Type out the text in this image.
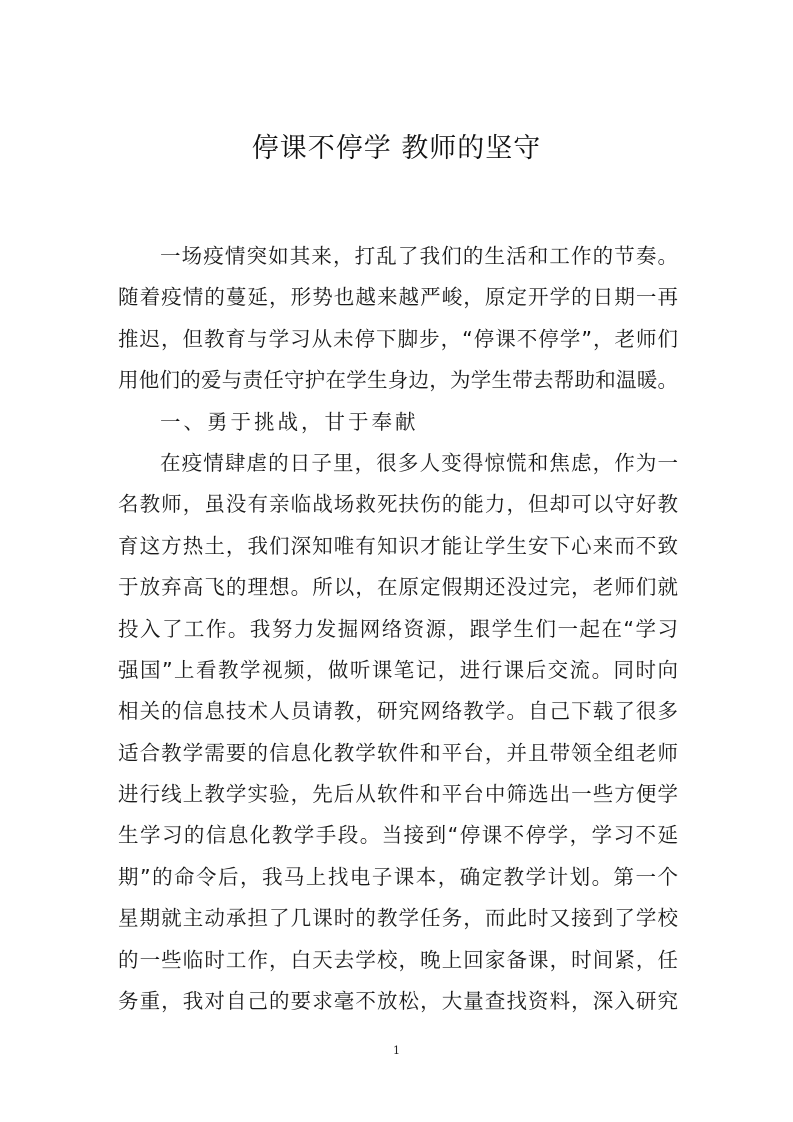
停课不停学 教师的坚守
一场疫情突如其来，打乱了我们的生活和工作的节奏。
随着疫情的蔓延，形势也越来越严峻，原定开学的日期一再
推迟，但教育与学习从未停下脚步，“停课不停学”，老师们
用他们的爱与责任守护在学生身边，为学生带去帮助和温暖。
一、勇于挑战，甘于奉献
在疫情肆虐的日子里，很多人变得惊慌和焦虑，作为一
名教师，虽没有亲临战场救死扶伤的能力，但却可以守好教
育这方热土，我们深知唯有知识才能让学生安下心来而不致
于放弃高飞的理想。所以，在原定假期还没过完，老师们就
投入了工作。我努力发掘网络资源，跟学生们一起在“学习
强国”上看教学视频，做听课笔记，进行课后交流。同时向
相关的信息技术人员请教，研究网络教学。自己下载了很多
适合教学需要的信息化教学软件和平台，并且带领全组老师
进行线上教学实验，先后从软件和平台中筛选出一些方便学
生学习的信息化教学手段。当接到“停课不停学，学习不延
期”的命令后，我马上找电子课本，确定教学计划。第一个
星期就主动承担了几课时的教学任务，而此时又接到了学校
的一些临时工作，白天去学校，晚上回家备课，时间紧，任
务重，我对自己的要求毫不放松，大量查找资料，深入研究
1
